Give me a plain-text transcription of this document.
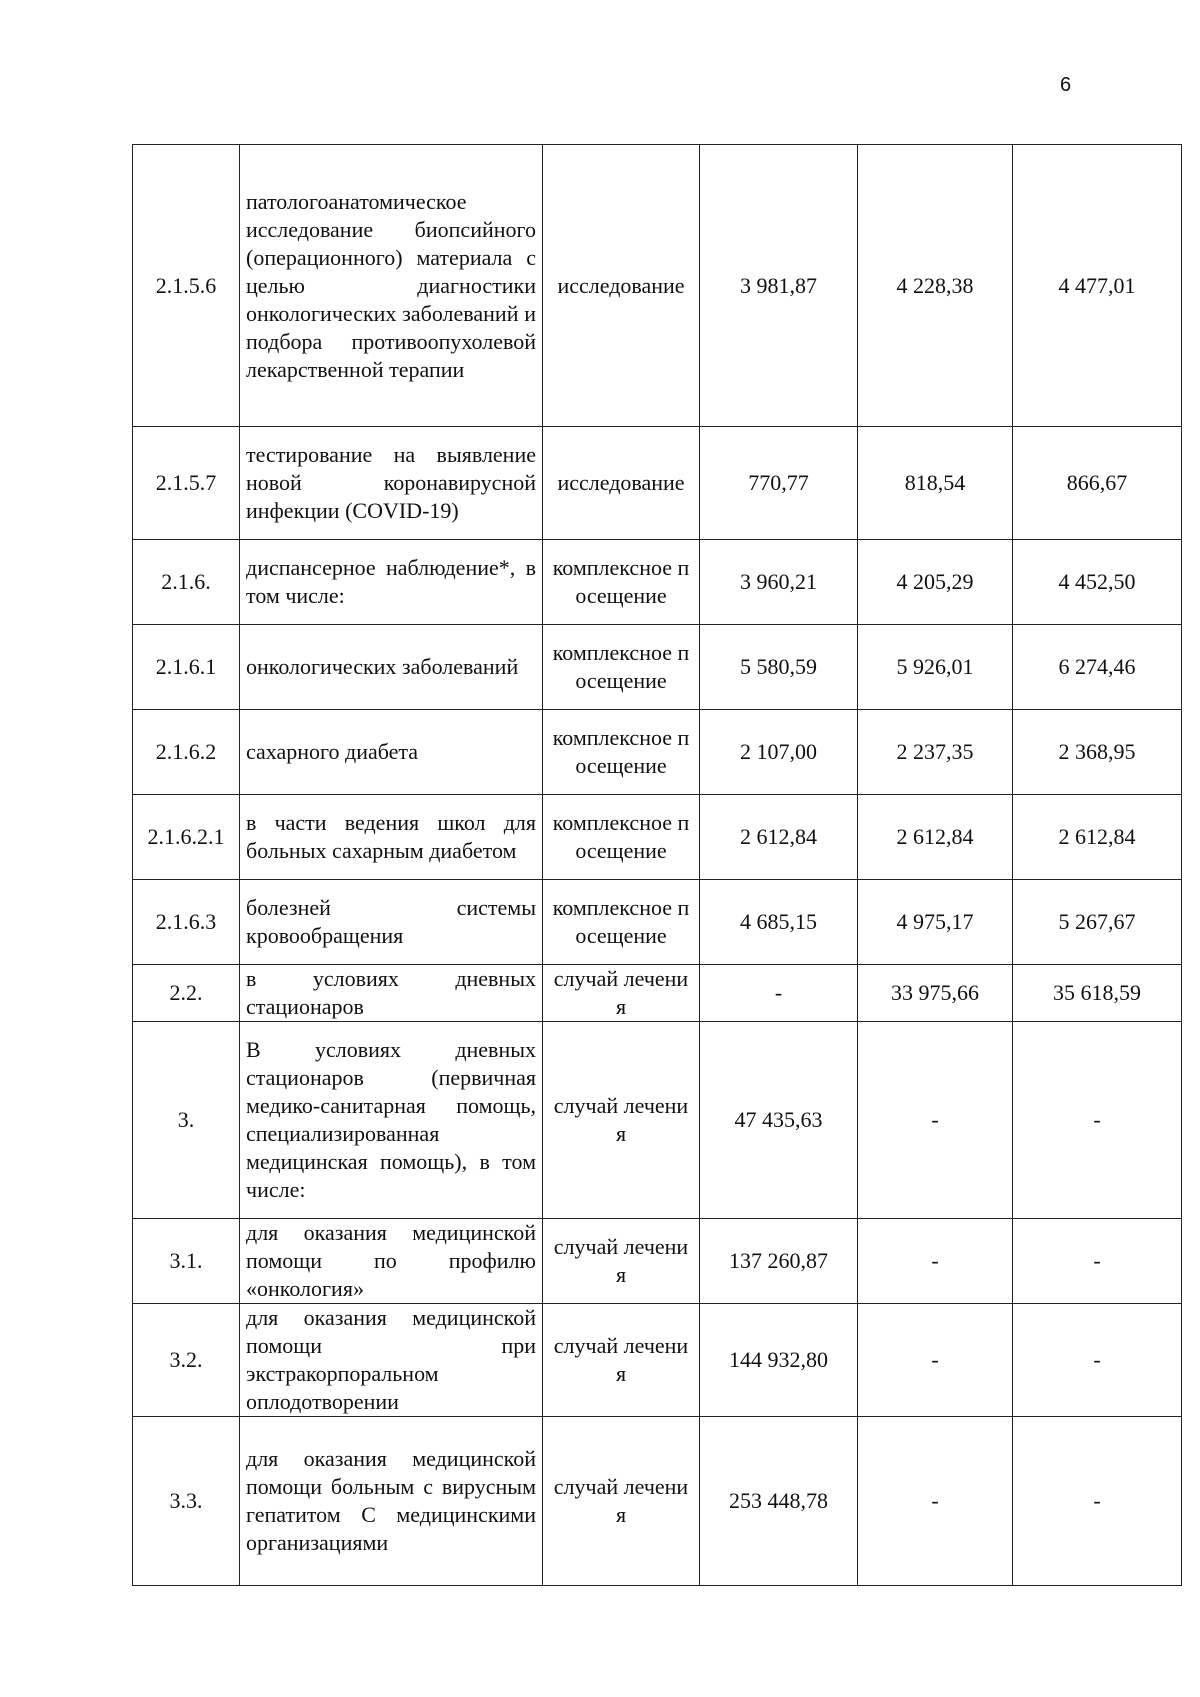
6
2.1.5.6	патологоанатомическое исследование биопсийного (операционного) материала с целью диагностики онкологических заболеваний и подбора противоопухолевой лекарственной терапии	исследование	3 981,87	4 228,38	4 477,01
2.1.5.7	тестирование на выявление новой коронавирусной инфекции (COVID-19)	исследование	770,77	818,54	866,67
2.1.6.	диспансерное наблюдение*, в том числе:	комплексное посещение	3 960,21	4 205,29	4 452,50
2.1.6.1	онкологических заболеваний	комплексное посещение	5 580,59	5 926,01	6 274,46
2.1.6.2	сахарного диабета	комплексное посещение	2 107,00	2 237,35	2 368,95
2.1.6.2.1	в части ведения школ для больных сахарным диабетом	комплексное посещение	2 612,84	2 612,84	2 612,84
2.1.6.3	болезней системы кровообращения	комплексное посещение	4 685,15	4 975,17	5 267,67
2.2.	в условиях дневных стационаров	случай лечения	-	33 975,66	35 618,59
3.	В условиях дневных стационаров (первичная медико-санитарная помощь, специализированная медицинская помощь), в том числе:	случай лечения	47 435,63	-	-
3.1.	для оказания медицинской помощи по профилю «онкология»	случай лечения	137 260,87	-	-
3.2.	для оказания медицинской помощи при экстракорпоральном оплодотворении	случай лечения	144 932,80	-	-
3.3.	для оказания медицинской помощи больным с вирусным гепатитом С медицинскими организациями	случай лечения	253 448,78	-	-
